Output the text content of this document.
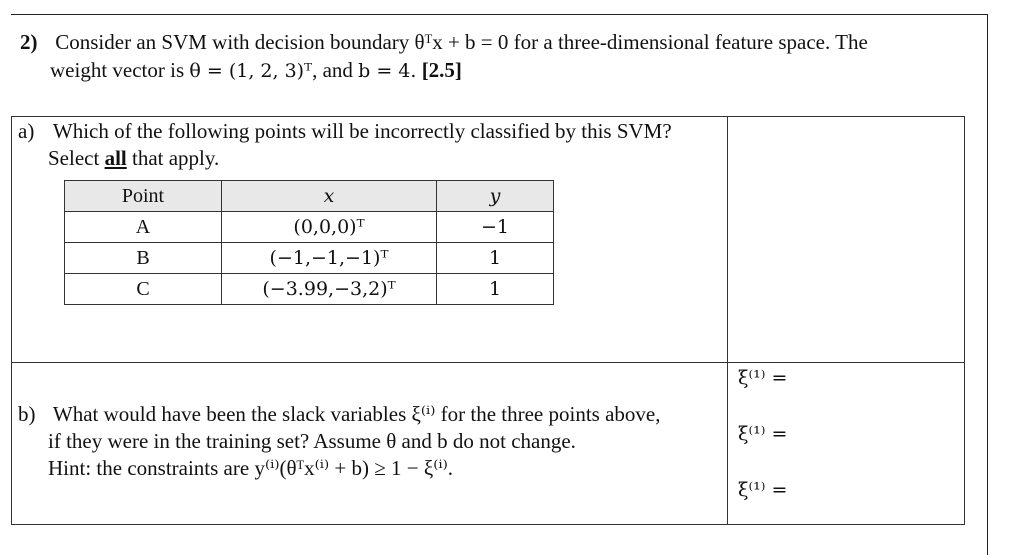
2) Consider an SVM with decision boundary θᵀx + b = 0 for a three-dimensional feature space. The
weight vector is θ = (1, 2, 3)ᵀ, and b = 4. [2.5]
a) Which of the following points will be incorrectly classified by this SVM?
Select all that apply.
Point	x	y
A	(0,0,0)ᵀ	−1
B	(−1,−1,−1)ᵀ	1
C	(−3.99,−3,2)ᵀ	1
b) What would have been the slack variables ξ⁽ⁱ⁾ for the three points above,
if they were in the training set? Assume θ and b do not change.
Hint: the constraints are y⁽ⁱ⁾(θᵀx⁽ⁱ⁾ + b) ≥ 1 − ξ⁽ⁱ⁾.
ξ⁽¹⁾ =
ξ⁽¹⁾ =
ξ⁽¹⁾ =
